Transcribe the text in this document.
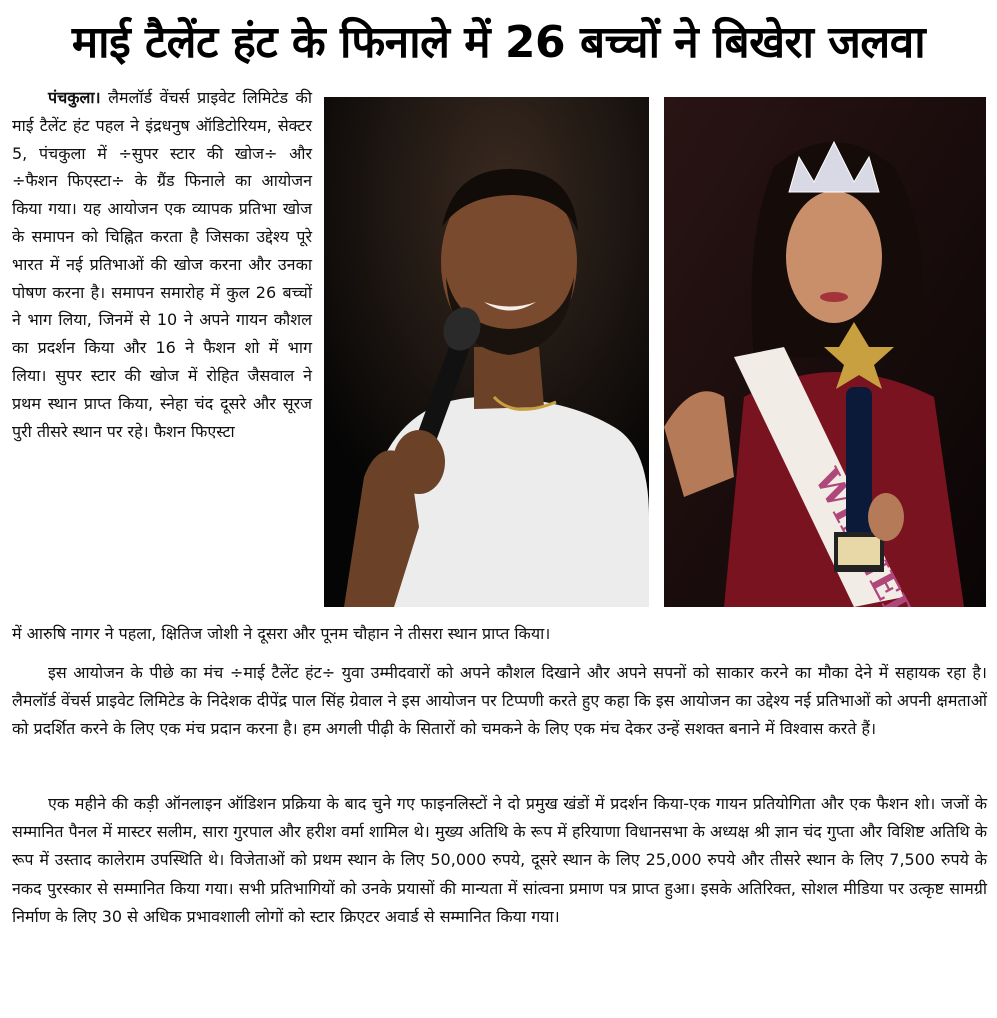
माई टैलेंट हंट के फिनाले में 26 बच्चों ने बिखेरा जलवा
पंचकुला। लैमलॉर्ड वेंचर्स प्राइवेट लिमिटेड की माई टैलेंट हंट पहल ने इंद्रधनुष ऑडिटोरियम, सेक्टर 5, पंचकुला में ÷सुपर स्टार की खोज÷ और ÷फैशन फिएस्टा÷ के ग्रैंड फिनाले का आयोजन किया गया। यह आयोजन एक व्यापक प्रतिभा खोज के समापन को चिह्नित करता है जिसका उद्देश्य पूरे भारत में नई प्रतिभाओं की खोज करना और उनका पोषण करना है। समापन समारोह में कुल 26 बच्चों ने भाग लिया, जिनमें से 10 ने अपने गायन कौशल का प्रदर्शन किया और 16 ने फैशन शो में भाग लिया। सुपर स्टार की खोज में रोहित जैसवाल ने प्रथम स्थान प्राप्त किया, स्नेहा चंद दूसरे और सूरज पुरी तीसरे स्थान पर रहे। फैशन फिएस्टा

में आरुषि नागर ने पहला, क्षितिज जोशी ने दूसरा और पूनम चौहान ने तीसरा स्थान प्राप्त किया।

इस आयोजन के पीछे का मंच ÷माई टैलेंट हंट÷ युवा उम्मीदवारों को अपने कौशल दिखाने और अपने सपनों को साकार करने का मौका देने में सहायक रहा है। लैमलॉर्ड वेंचर्स प्राइवेट लिमिटेड के निदेशक दीपेंद्र पाल सिंह ग्रेवाल ने इस आयोजन पर टिप्पणी करते हुए कहा कि इस आयोजन का उद्देश्य नई प्रतिभाओं को अपनी क्षमताओं को प्रदर्शित करने के लिए एक मंच प्रदान करना है। हम अगली पीढ़ी के सितारों को चमकने के लिए एक मंच देकर उन्हें सशक्त बनाने में विश्वास करते हैं।

एक महीने की कड़ी ऑनलाइन ऑडिशन प्रक्रिया के बाद चुने गए फाइनलिस्टों ने दो प्रमुख खंडों में प्रदर्शन किया-एक गायन प्रतियोगिता और एक फैशन शो। जजों के सम्मानित पैनल में मास्टर सलीम, सारा गुरपाल और हरीश वर्मा शामिल थे। मुख्य अतिथि के रूप में हरियाणा विधानसभा के अध्यक्ष श्री ज्ञान चंद गुप्ता और विशिष्ट अतिथि के रूप में उस्ताद कालेराम उपस्थिति थे। विजेताओं को प्रथम स्थान के लिए 50,000 रुपये, दूसरे स्थान के लिए 25,000 रुपये और तीसरे स्थान के लिए 7,500 रुपये के नकद पुरस्कार से सम्मानित किया गया। सभी प्रतिभागियों को उनके प्रयासों की मान्यता में सांत्वना प्रमाण पत्र प्राप्त हुआ। इसके अतिरिक्त, सोशल मीडिया पर उत्कृष्ट सामग्री निर्माण के लिए 30 से अधिक प्रभावशाली लोगों को स्टार क्रिएटर अवार्ड से सम्मानित किया गया।
